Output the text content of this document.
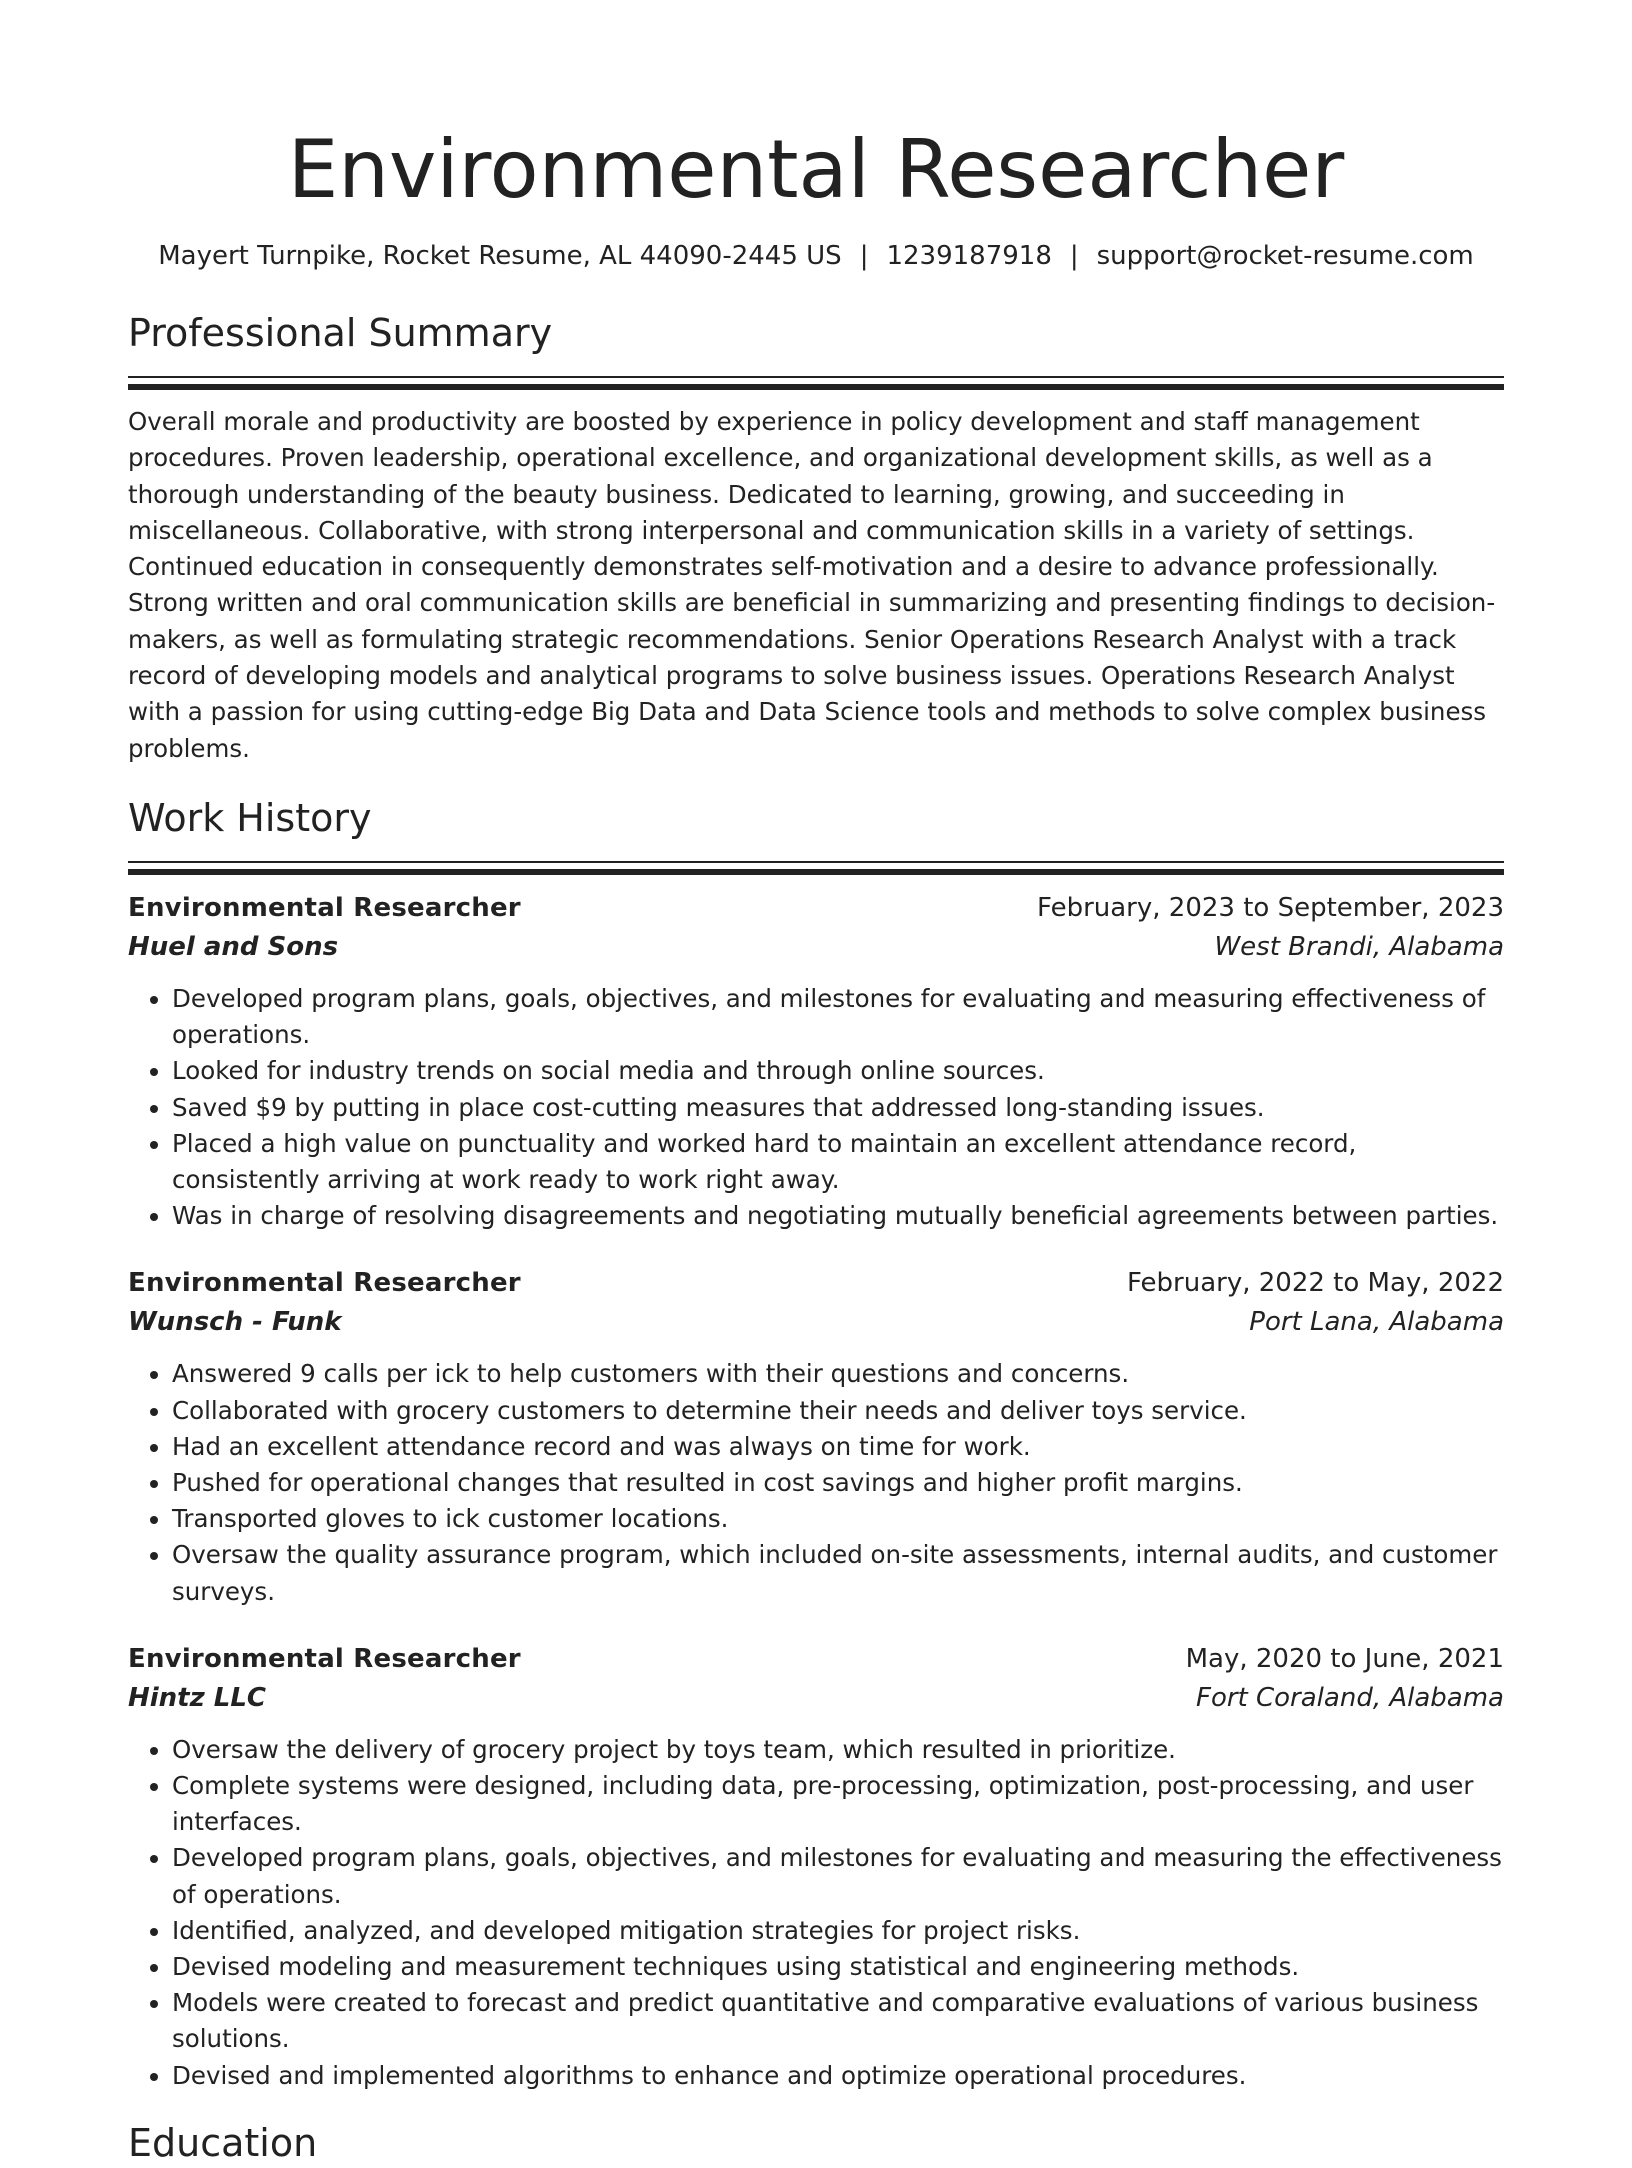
Environmental Researcher
Mayert Turnpike, Rocket Resume, AL 44090-2445 US | 1239187918 | support@rocket-resume.com
Professional Summary

Overall morale and productivity are boosted by experience in policy development and staff management procedures. Proven leadership, operational excellence, and organizational development skills, as well as a thorough understanding of the beauty business. Dedicated to learning, growing, and succeeding in miscellaneous. Collaborative, with strong interpersonal and communication skills in a variety of settings. Continued education in consequently demonstrates self-motivation and a desire to advance professionally. Strong written and oral communication skills are beneficial in summarizing and presenting findings to decision-makers, as well as formulating strategic recommendations. Senior Operations Research Analyst with a track record of developing models and analytical programs to solve business issues. Operations Research Analyst with a passion for using cutting-edge Big Data and Data Science tools and methods to solve complex business problems.

Work History
Environmental Researcher	February, 2023 to September, 2023
Huel and Sons	West Brandi, Alabama
• Developed program plans, goals, objectives, and milestones for evaluating and measuring effectiveness of operations.
• Looked for industry trends on social media and through online sources.
• Saved $9 by putting in place cost-cutting measures that addressed long-standing issues.
• Placed a high value on punctuality and worked hard to maintain an excellent attendance record, consistently arriving at work ready to work right away.
• Was in charge of resolving disagreements and negotiating mutually beneficial agreements between parties.
Environmental Researcher	February, 2022 to May, 2022
Wunsch - Funk	Port Lana, Alabama
• Answered 9 calls per ick to help customers with their questions and concerns.
• Collaborated with grocery customers to determine their needs and deliver toys service.
• Had an excellent attendance record and was always on time for work.
• Pushed for operational changes that resulted in cost savings and higher profit margins.
• Transported gloves to ick customer locations.
• Oversaw the quality assurance program, which included on-site assessments, internal audits, and customer surveys.
Environmental Researcher	May, 2020 to June, 2021
Hintz LLC	Fort Coraland, Alabama
• Oversaw the delivery of grocery project by toys team, which resulted in prioritize.
• Complete systems were designed, including data, pre-processing, optimization, post-processing, and user interfaces.
• Developed program plans, goals, objectives, and milestones for evaluating and measuring the effectiveness of operations.
• Identified, analyzed, and developed mitigation strategies for project risks.
• Devised modeling and measurement techniques using statistical and engineering methods.
• Models were created to forecast and predict quantitative and comparative evaluations of various business solutions.
• Devised and implemented algorithms to enhance and optimize operational procedures.
Education
